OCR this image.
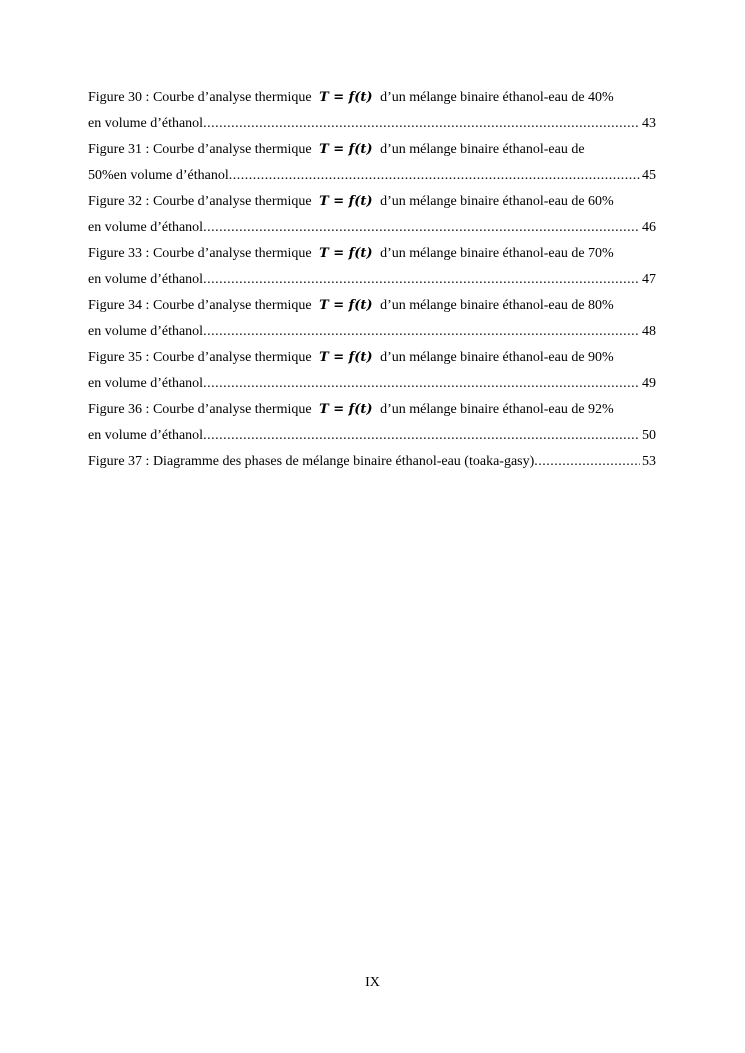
Figure 30 : Courbe d’analyse thermique T = f(t) d’un mélange binaire éthanol-eau de 40%
en volume d’éthanol .....	43
Figure 31 : Courbe d’analyse thermique T = f(t) d’un mélange binaire éthanol-eau de
50%en volume d’éthanol .....	45
Figure 32 : Courbe d’analyse thermique T = f(t) d’un mélange binaire éthanol-eau de 60%
en volume d’éthanol .....	46
Figure 33 : Courbe d’analyse thermique T = f(t) d’un mélange binaire éthanol-eau de 70%
en volume d’éthanol .....	47
Figure 34 : Courbe d’analyse thermique T = f(t) d’un mélange binaire éthanol-eau de 80%
en volume d’éthanol .....	48
Figure 35 : Courbe d’analyse thermique T = f(t) d’un mélange binaire éthanol-eau de 90%
en volume d’éthanol .....	49
Figure 36 : Courbe d’analyse thermique T = f(t) d’un mélange binaire éthanol-eau de 92%
en volume d’éthanol .....	50
Figure 37 : Diagramme des phases de mélange binaire éthanol-eau (toaka-gasy) .....	53
IX
